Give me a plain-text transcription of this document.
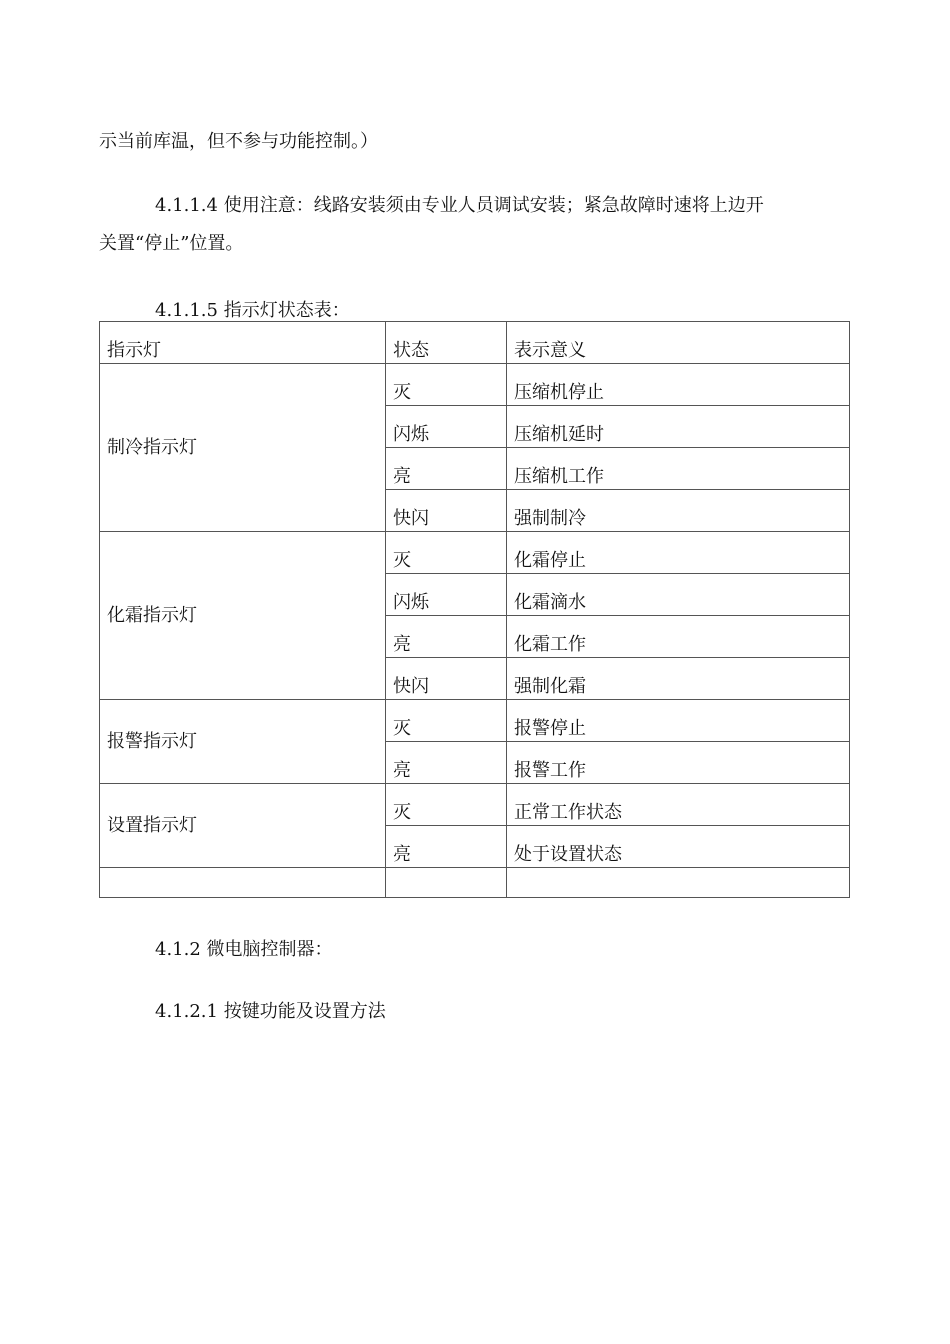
示当前库温，但不参与功能控制。）
4.1.1.4 使用注意：线路安装须由专业人员调试安装；紧急故障时速将上边开
关置“停止”位置。
4.1.1.5 指示灯状态表：
指示灯	状态	表示意义
制冷指示灯	灭	压缩机停止
	闪烁	压缩机延时
	亮	压缩机工作
	快闪	强制制冷
化霜指示灯	灭	化霜停止
	闪烁	化霜滴水
	亮	化霜工作
	快闪	强制化霜
报警指示灯	灭	报警停止
	亮	报警工作
设置指示灯	灭	正常工作状态
	亮	处于设置状态

4.1.2 微电脑控制器：
4.1.2.1 按键功能及设置方法
